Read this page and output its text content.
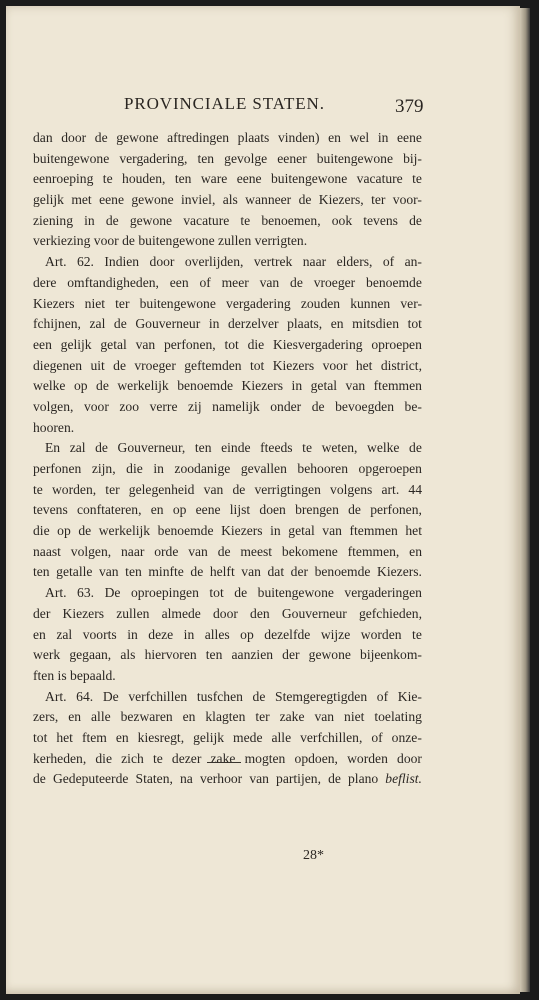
PROVINCIALE STATEN.	379
dan door de gewone aftredingen plaats vinden) en wel in eene
buitengewone vergadering, ten gevolge eener buitengewone bij-
eenroeping te houden, ten ware eene buitengewone vacature te
gelijk met eene gewone inviel, als wanneer de Kiezers, ter voor-
ziening in de gewone vacature te benoemen, ook tevens de
verkiezing
voor
de
buitengewone
zullen
verrigten.
Art. 62. Indien door overlijden, vertrek naar elders, of an-
dere omftandigheden, een of meer van de vroeger benoemde
Kiezers niet ter buitengewone vergadering zouden kunnen ver-
fchijnen, zal de Gouverneur in derzelver plaats, en mitsdien tot
een gelijk getal van perfonen, tot die Kiesvergadering oproepen
diegenen uit de vroeger geftemden tot Kiezers voor het district,
welke op de werkelijk benoemde Kiezers in getal van ftemmen
volgen, voor zoo verre zij namelijk onder de bevoegden be-
hooren.
En zal de Gouverneur, ten einde fteeds te weten, welke de
perfonen zijn, die in zoodanige gevallen behooren opgeroepen
te worden, ter gelegenheid van de verrigtingen volgens art. 44
tevens conftateren, en op eene lijst doen brengen de perfonen,
die op de werkelijk benoemde Kiezers in getal van ftemmen het
naast volgen, naar orde van de meest bekomene ftemmen, en
ten getalle van ten minfte de helft van dat der benoemde Kiezers.
Art. 63. De oproepingen tot de buitengewone vergaderingen
der Kiezers zullen almede door den Gouverneur gefchieden,
en zal voorts in deze in alles op dezelfde wijze worden te
werk gegaan, als hiervoren ten aanzien der gewone bijeenkom-
ften
is
bepaald.
Art. 64. De verfchillen tusfchen de Stemgeregtigden of Kie-
zers, en alle bezwaren en klagten ter zake van niet toelating
tot het ftem en kiesregt, gelijk mede alle verfchillen, of onze-
kerheden, die zich te dezer zake mogten opdoen, worden door
de Gedeputeerde Staten, na verhoor van partijen, de plano beflist.
28*
